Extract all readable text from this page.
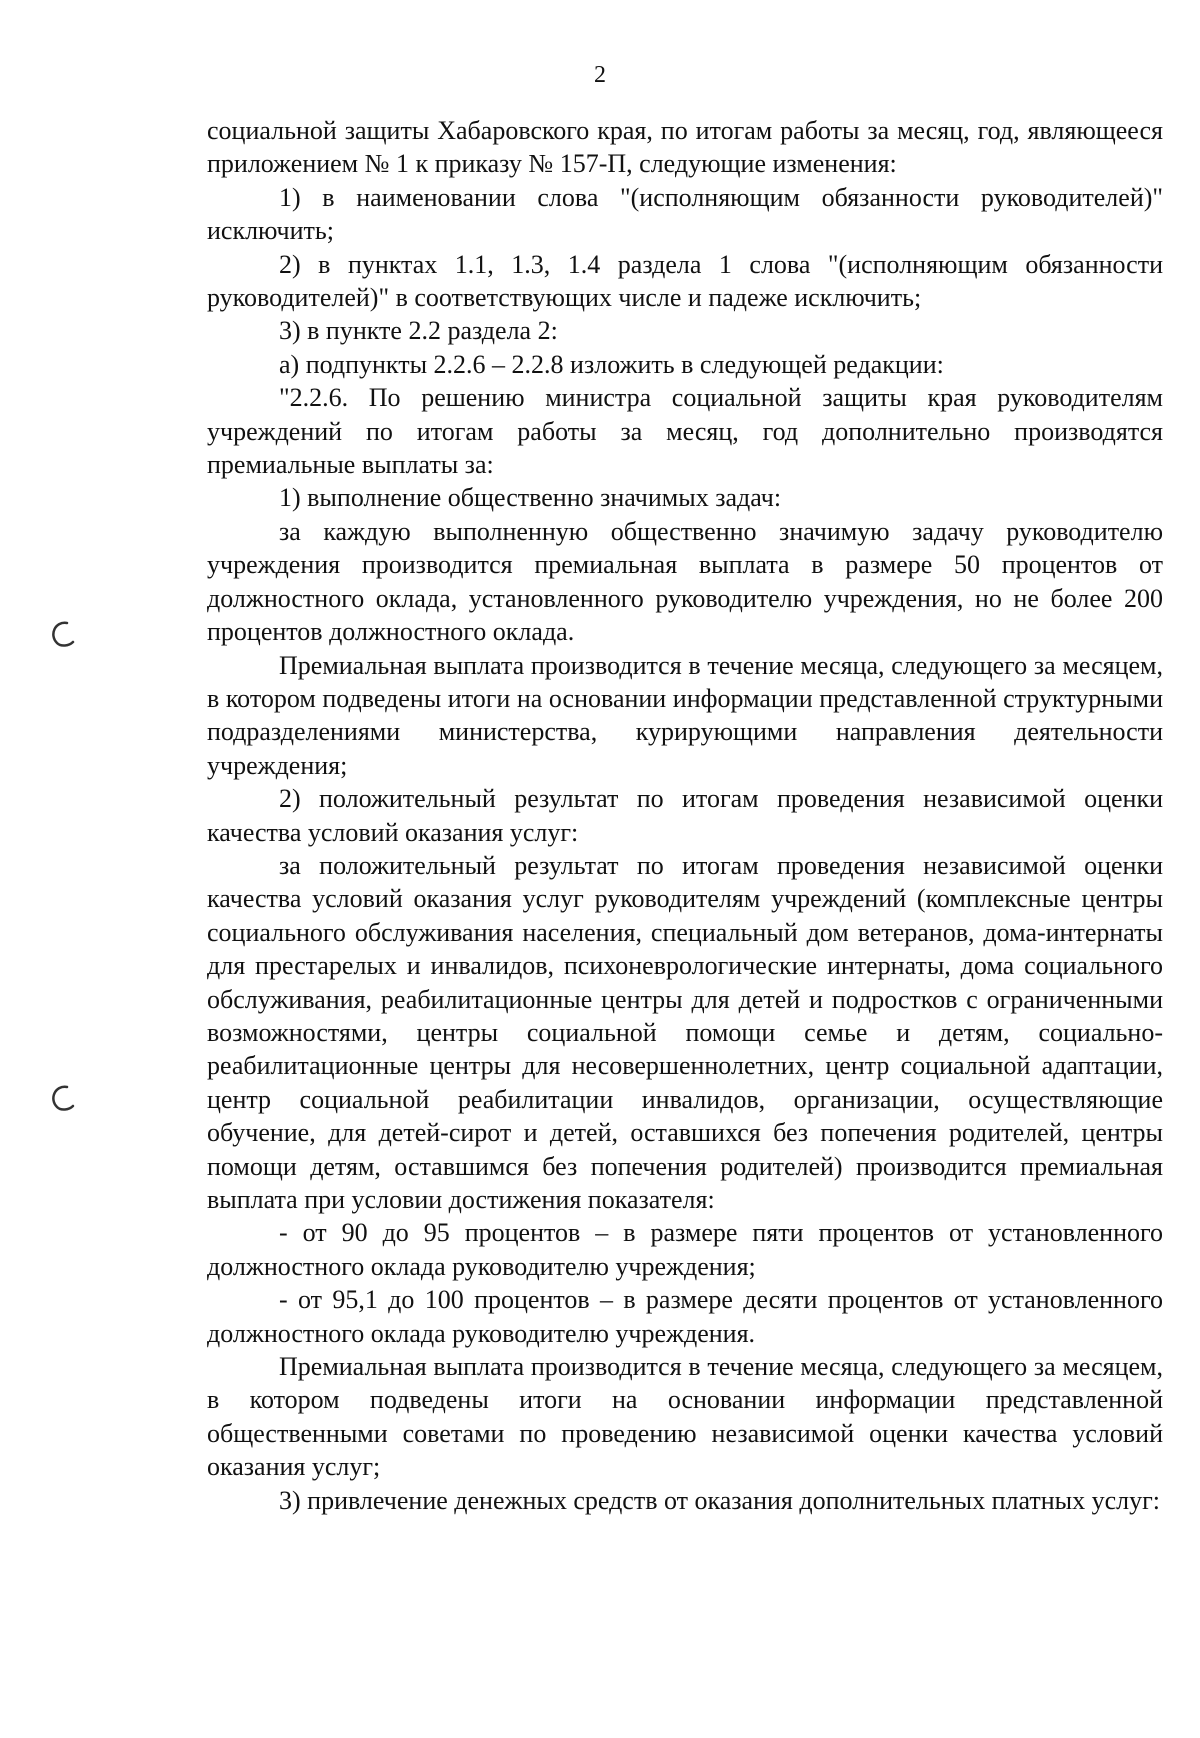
2

социальной защиты Хабаровского края, по итогам работы за месяц, год, являющееся приложением № 1 к приказу № 157-П, следующие изменения:

1) в наименовании слова "(исполняющим обязанности руководителей)" исключить;

2) в пунктах 1.1, 1.3, 1.4 раздела 1 слова "(исполняющим обязанности руководителей)" в соответствующих числе и падеже исключить;

3) в пункте 2.2 раздела 2:

а) подпункты 2.2.6 – 2.2.8 изложить в следующей редакции:

"2.2.6. По решению министра социальной защиты края руководителям учреждений по итогам работы за месяц, год дополнительно производятся премиальные выплаты за:

1) выполнение общественно значимых задач:

за каждую выполненную общественно значимую задачу руководителю учреждения производится премиальная выплата в размере 50 процентов от должностного оклада, установленного руководителю учреждения, но не более 200 процентов должностного оклада.

Премиальная выплата производится в течение месяца, следующего за месяцем, в котором подведены итоги на основании информации представленной структурными подразделениями министерства, курирующими направления деятельности учреждения;

2) положительный результат по итогам проведения независимой оценки качества условий оказания услуг:

за положительный результат по итогам проведения независимой оценки качества условий оказания услуг руководителям учреждений (комплексные центры социального обслуживания населения, специальный дом ветеранов, дома-интернаты для престарелых и инвалидов, психоневрологические интернаты, дома социального обслуживания, реабилитационные центры для детей и подростков с ограниченными возможностями, центры социальной помощи семье и детям, социально-реабилитационные центры для несовершеннолетних, центр социальной адаптации, центр социальной реабилитации инвалидов, организации, осуществляющие обучение, для детей-сирот и детей, оставшихся без попечения родителей, центры помощи детям, оставшимся без попечения родителей) производится премиальная выплата при условии достижения показателя:

- от 90 до 95 процентов – в размере пяти процентов от установленного должностного оклада руководителю учреждения;

- от 95,1 до 100 процентов – в размере десяти процентов от установленного должностного оклада руководителю учреждения.

Премиальная выплата производится в течение месяца, следующего за месяцем, в котором подведены итоги на основании информации представленной общественными советами по проведению независимой оценки качества условий оказания услуг;

3) привлечение денежных средств от оказания дополнительных платных услуг:
